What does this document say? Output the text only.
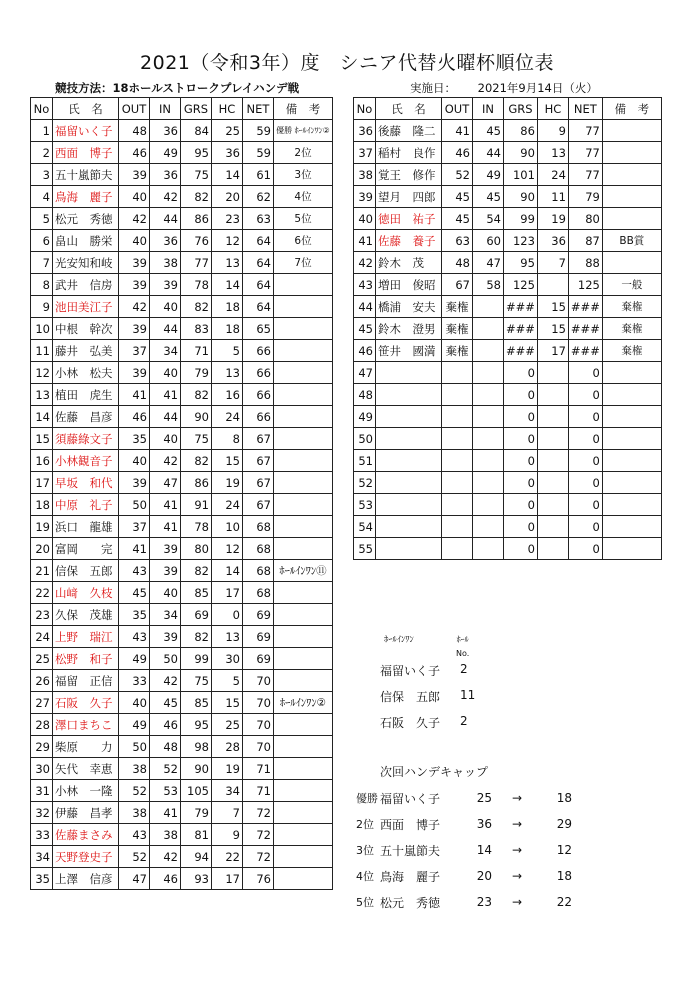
2021（令和3年）度　シニア代替火曜杯順位表
競技方法：18ホールストロークプレイハンデ戦	実施日： 2021年9月14日（火）
No	氏　名	OUT	IN	GRS	HC	NET	備　考
1	福留いく子	48	36	84	25	59	優勝 ﾎｰﾙｲﾝﾜﾝ②
2	西面　博子	46	49	95	36	59	2位
3	五十嵐節夫	39	36	75	14	61	3位
4	鳥海　麗子	40	42	82	20	62	4位
5	松元　秀徳	42	44	86	23	63	5位
6	畠山　勝栄	40	36	76	12	64	6位
7	光安知和岐	39	38	77	13	64	7位
8	武井　信房	39	39	78	14	64	
9	池田美江子	42	40	82	18	64	
10	中根　幹次	39	44	83	18	65	
11	藤井　弘美	37	34	71	5	66	
12	小林　松夫	39	40	79	13	66	
13	植田　虎生	41	41	82	16	66	
14	佐藤　昌彦	46	44	90	24	66	
15	須藤綠文子	35	40	75	8	67	
16	小林観音子	40	42	82	15	67	
17	早坂　和代	39	47	86	19	67	
18	中原　礼子	50	41	91	24	67	
19	浜口　龍雄	37	41	78	10	68	
20	富岡　　完	41	39	80	12	68	
21	信保　五郎	43	39	82	14	68	ﾎｰﾙｲﾝﾜﾝ⑪
22	山﨑　久枝	45	40	85	17	68	
23	久保　茂雄	35	34	69	0	69	
24	上野　瑞江	43	39	82	13	69	
25	松野　和子	49	50	99	30	69	
26	福留　正信	33	42	75	5	70	
27	石阪　久子	40	45	85	15	70	ﾎｰﾙｲﾝﾜﾝ②
28	澤口まちこ	49	46	95	25	70	
29	柴原　　力	50	48	98	28	70	
30	矢代　幸恵	38	52	90	19	71	
31	小林　一隆	52	53	105	34	71	
32	伊藤　昌孝	38	41	79	7	72	
33	佐藤まさみ	43	38	81	9	72	
34	天野登史子	52	42	94	22	72	
35	上澤　信彦	47	46	93	17	76	
No	氏　名	OUT	IN	GRS	HC	NET	備　考
36	後藤　隆二	41	45	86	9	77	
37	稲村　良作	46	44	90	13	77	
38	覚王　修作	52	49	101	24	77	
39	望月　四郎	45	45	90	11	79	
40	徳田　祐子	45	54	99	19	80	
41	佐藤　養子	63	60	123	36	87	BB賞
42	鈴木　茂	48	47	95	7	88	
43	増田　俊昭	67	58	125		125	一般
44	橋浦　安夫	棄権		###	15	###	棄権
45	鈴木　澄男	棄権		###	15	###	棄権
46	笹井　國満	棄権		###	17	###	棄権
47				0		0	
48				0		0	
49				0		0	
50				0		0	
51				0		0	
52				0		0	
53				0		0	
54				0		0	
55				0		0	
ﾎｰﾙｲﾝﾜﾝ	ﾎｰﾙ
No.
福留いく子	2
信保　五郎	11
石阪　久子	2
次回ハンデキャップ
優勝 福留いく子	25	→	18
2位 西面　博子	36	→	29
3位 五十嵐節夫	14	→	12
4位 鳥海　麗子	20	→	18
5位 松元　秀徳	23	→	22
